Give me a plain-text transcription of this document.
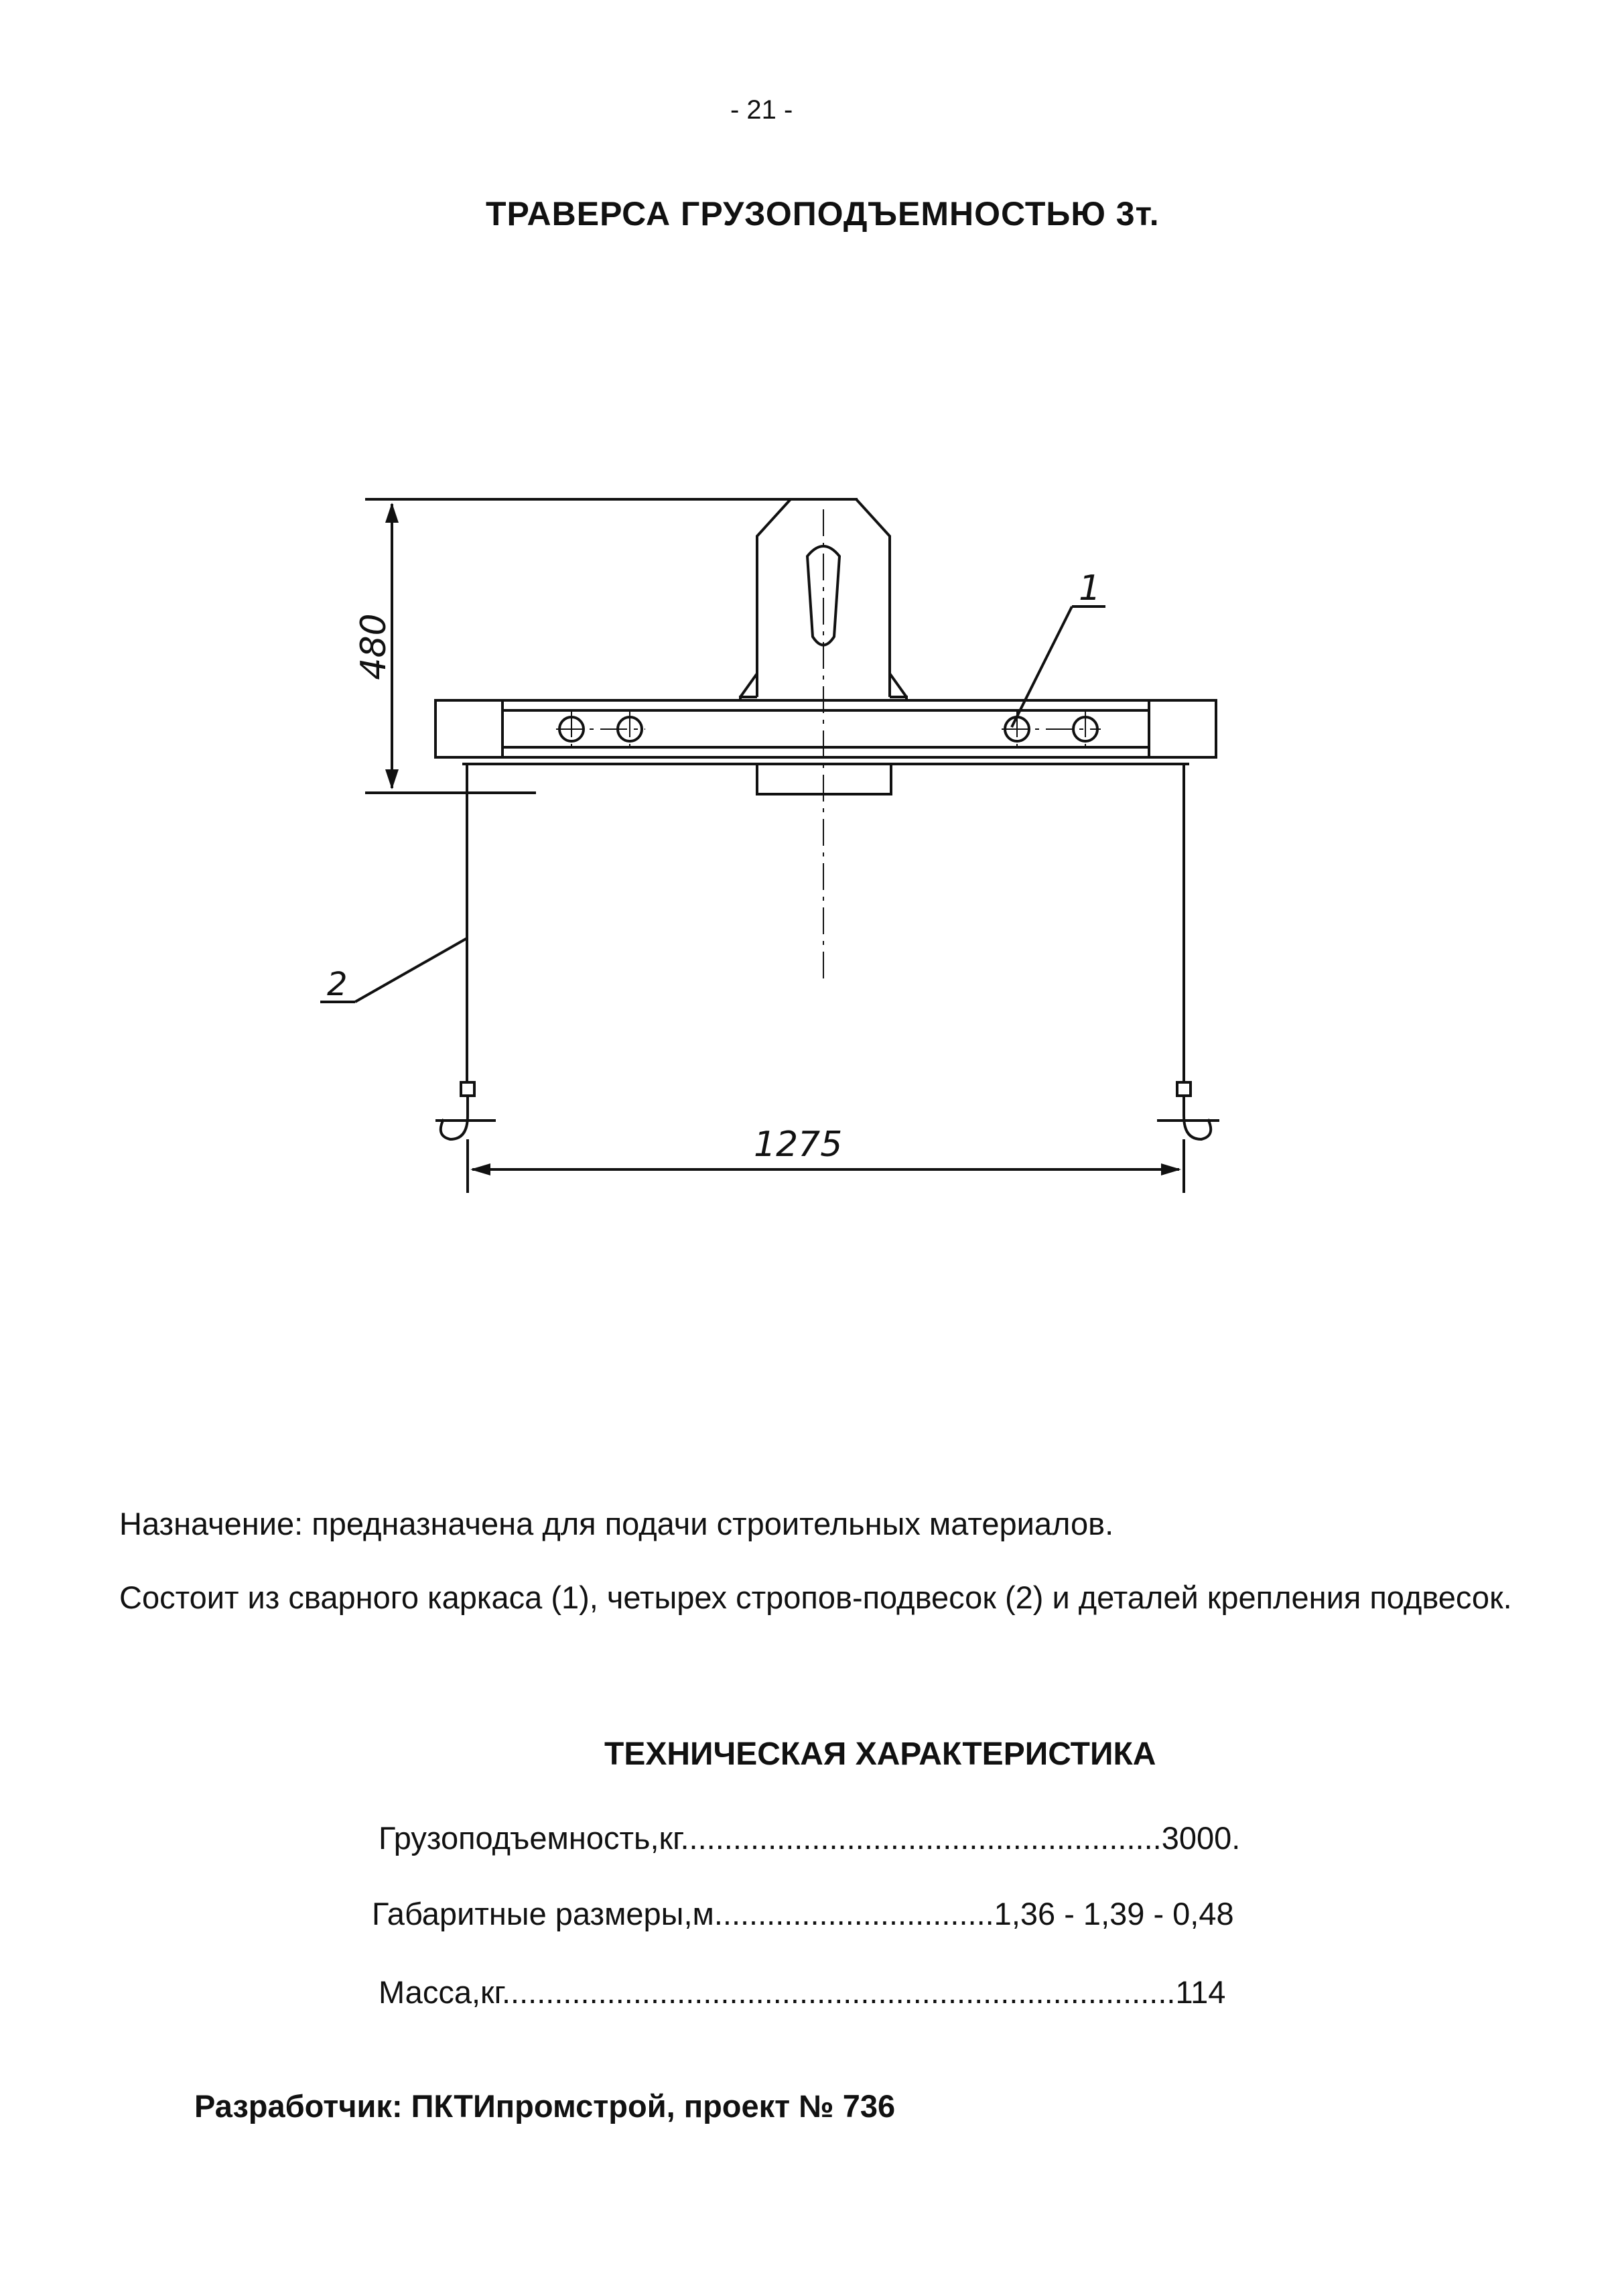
- 21 -
ТРАВЕРСА ГРУЗОПОДЪЕМНОСТЬЮ 3т.
480
1275
1
2
Назначение: предназначена для подачи строительных материалов.
Состоит из сварного каркаса (1), четырех стропов-подвесок (2) и деталей крепления подвесок.
ТЕХНИЧЕСКАЯ ХАРАКТЕРИСТИКА
Грузоподъемность,кг.......................................................3000.
Габаритные размеры,м................................1,36 - 1,39 - 0,48
Масса,кг.............................................................................114
Разработчик: ПКТИпромстрой, проект № 736
